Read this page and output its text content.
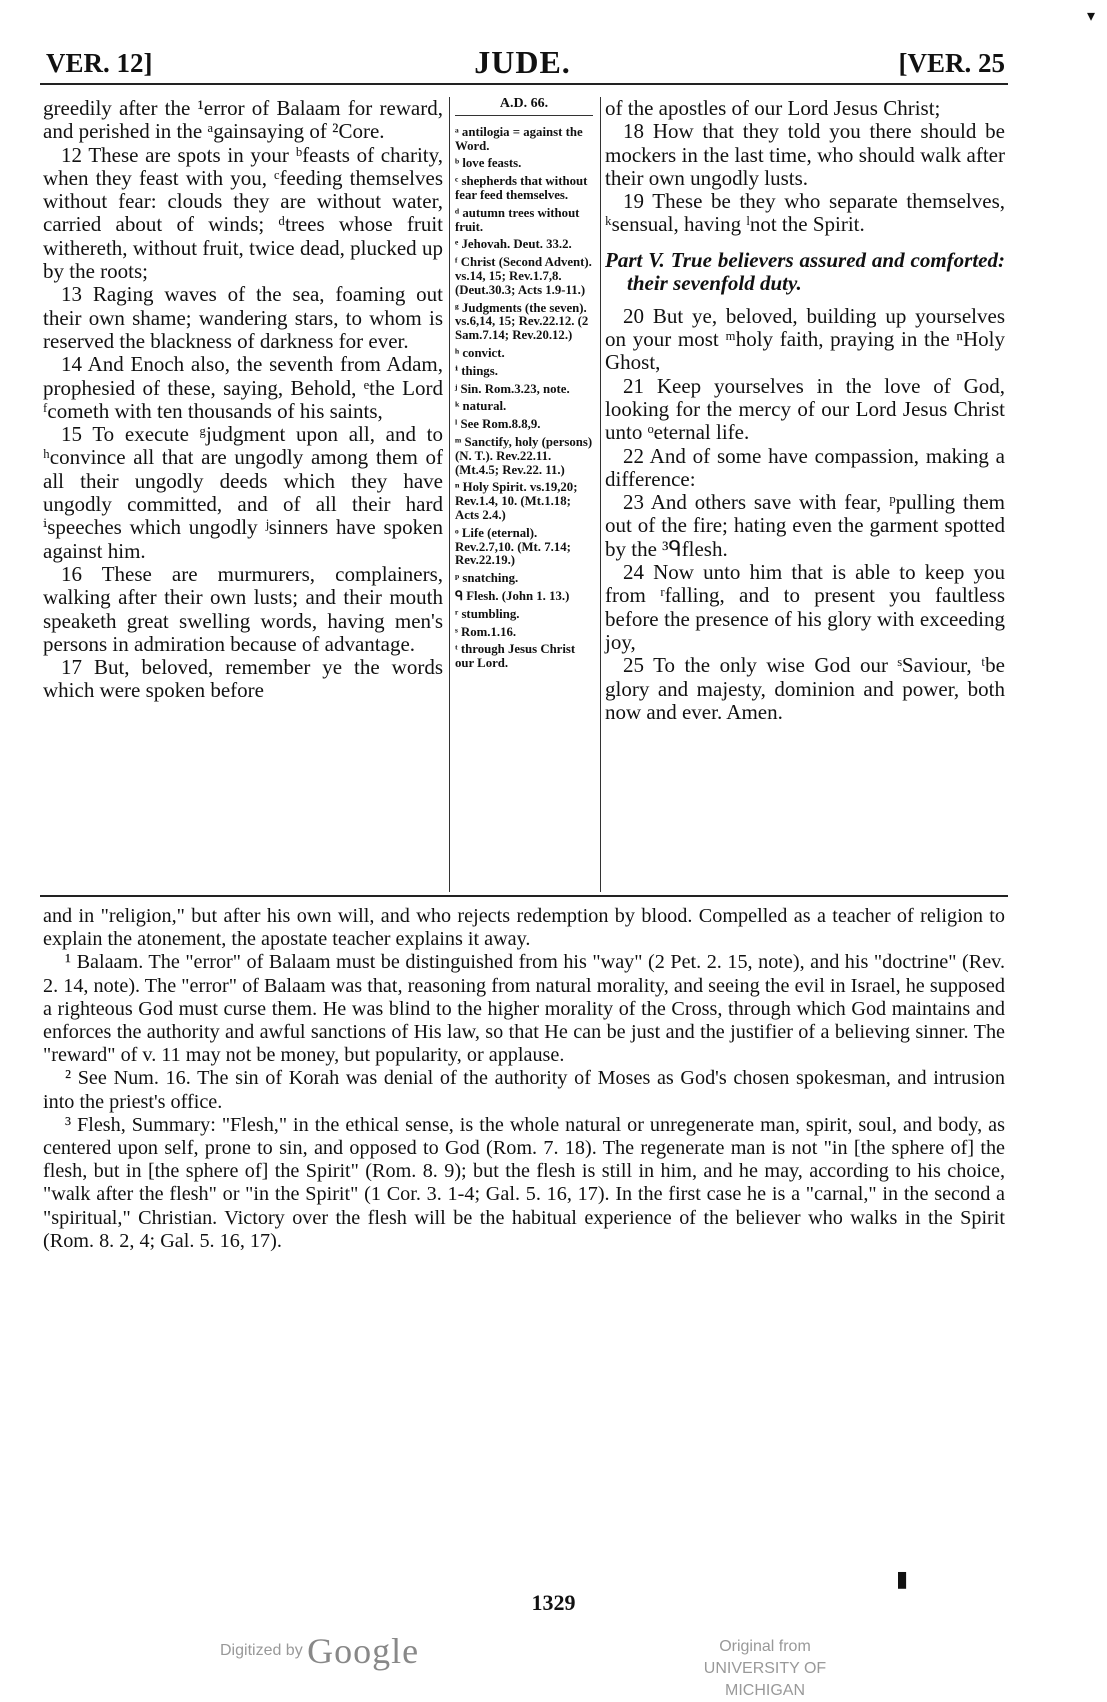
▾
VER. 12]	JUDE.	[VER. 25

greedily after the ¹error of Balaam for reward, and perished in the ᵃgainsaying of ²Core.

12 These are spots in your ᵇfeasts of charity, when they feast with you, ᶜfeeding themselves without fear: clouds they are without water, carried about of winds; ᵈtrees whose fruit withereth, without fruit, twice dead, plucked up by the roots;

13 Raging waves of the sea, foaming out their own shame; wandering stars, to whom is reserved the blackness of darkness for ever.

14 And Enoch also, the seventh from Adam, prophesied of these, saying, Behold, ᵉthe Lord ᶠcometh with ten thousands of his saints,

15 To execute ᵍjudgment upon all, and to ʰconvince all that are ungodly among them of all their ungodly deeds which they have ungodly committed, and of all their hard ⁱspeeches which ungodly ʲsinners have spoken against him.

16 These are murmurers, complainers, walking after their own lusts; and their mouth speaketh great swelling words, having men's persons in admiration because of advantage.

17 But, beloved, remember ye the words which were spoken before

A.D. 66.

ᵃ antilogia = against the Word.

ᵇ love feasts.

ᶜ shepherds that without fear feed themselves.

ᵈ autumn trees without fruit.

ᵉ Jehovah. Deut. 33.2.

ᶠ Christ (Second Advent). vs.14, 15; Rev.1.7,8. (Deut.30.3; Acts 1.9-11.)

ᵍ Judgments (the seven). vs.6,14, 15; Rev.22.12. (2 Sam.7.14; Rev.20.12.)

ʰ convict.

ⁱ things.

ʲ Sin. Rom.3.23, note.

ᵏ natural.

ˡ See Rom.8.8,9.

ᵐ Sanctify, holy (persons) (N. T.). Rev.22.11. (Mt.4.5; Rev.22. 11.)

ⁿ Holy Spirit. vs.19,20; Rev.1.4, 10. (Mt.1.18; Acts 2.4.)

ᵒ Life (eternal). Rev.2.7,10. (Mt. 7.14; Rev.22.19.)

ᵖ snatching.

ᑫ Flesh. (John 1. 13.)

ʳ stumbling.

ˢ Rom.1.16.

ᵗ through Jesus Christ our Lord.

of the apostles of our Lord Jesus Christ;

18 How that they told you there should be mockers in the last time, who should walk after their own ungodly lusts.

19 These be they who separate themselves, ᵏsensual, having ˡnot the Spirit.

Part V. True believers assured and comforted: their sevenfold duty.

20 But ye, beloved, building up yourselves on your most ᵐholy faith, praying in the ⁿHoly Ghost,

21 Keep yourselves in the love of God, looking for the mercy of our Lord Jesus Christ unto ᵒeternal life.

22 And of some have compassion, making a difference:

23 And others save with fear, ᵖpulling them out of the fire; hating even the garment spotted by the ³ᑫflesh.

24 Now unto him that is able to keep you from ʳfalling, and to present you faultless before the presence of his glory with exceeding joy,

25 To the only wise God our ˢSaviour, ᵗbe glory and majesty, dominion and power, both now and ever. Amen.

and in "religion," but after his own will, and who rejects redemption by blood. Compelled as a teacher of religion to explain the atonement, the apostate teacher explains it away.

¹ Balaam. The "error" of Balaam must be distinguished from his "way" (2 Pet. 2. 15, note), and his "doctrine" (Rev. 2. 14, note). The "error" of Balaam was that, reasoning from natural morality, and seeing the evil in Israel, he supposed a righteous God must curse them. He was blind to the higher morality of the Cross, through which God maintains and enforces the authority and awful sanctions of His law, so that He can be just and the justifier of a believing sinner. The "reward" of v. 11 may not be money, but popularity, or applause.

² See Num. 16. The sin of Korah was denial of the authority of Moses as God's chosen spokesman, and intrusion into the priest's office.

³ Flesh, Summary: "Flesh," in the ethical sense, is the whole natural or unregenerate man, spirit, soul, and body, as centered upon self, prone to sin, and opposed to God (Rom. 7. 18). The regenerate man is not "in [the sphere of] the flesh, but in [the sphere of] the Spirit" (Rom. 8. 9); but the flesh is still in him, and he may, according to his choice, "walk after the flesh" or "in the Spirit" (1 Cor. 3. 1-4; Gal. 5. 16, 17). In the first case he is a "carnal," in the second a "spiritual," Christian. Victory over the flesh will be the habitual experience of the believer who walks in the Spirit (Rom. 8. 2, 4; Gal. 5. 16, 17).

▮
1329
Digitized by Google	Original from
UNIVERSITY OF MICHIGAN
